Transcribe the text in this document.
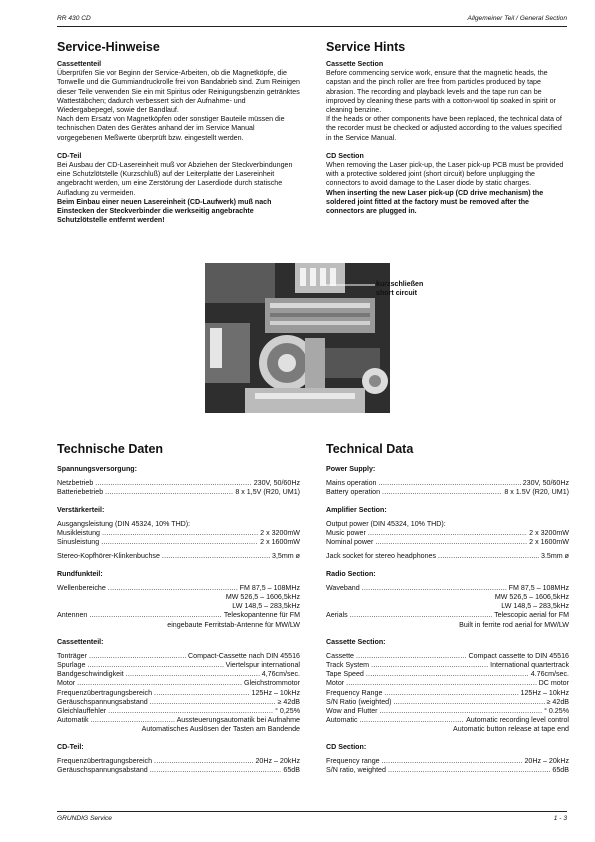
RR 430 CD	Allgemeiner Teil / General Section
Service-Hinweise
Cassettenteil

Überprüfen Sie vor Beginn der Service-Arbeiten, ob die Magnetköpfe, die Tonwelle und die Gummiandruckrolle frei von Bandabrieb sind. Zum Reinigen dieser Teile verwenden Sie ein mit Spiritus oder Reinigungsbenzin getränktes Wattestäbchen; dadurch verbessert sich der Aufnahme- und Wiedergabepegel, sowie der Bandlauf.

Nach dem Ersatz von Magnetköpfen oder sonstiger Bauteile müssen die technischen Daten des Gerätes anhand der im Service Manual vorgegebenen Meßwerte überprüft bzw. eingestellt werden.

CD-Teil

Bei Ausbau der CD-Lasereinheit muß vor Abziehen der Steckverbindungen eine Schutzlötstelle (Kurzschluß) auf der Leiterplatte der Lasereinheit angebracht werden, um eine Zerstörung der Laserdiode durch statische Aufladung zu vermeiden.

Beim Einbau einer neuen Lasereinheit (CD-Laufwerk) muß nach Einstecken der Steckverbinder die werkseitig angebrachte Schutzlötstelle entfernt werden!

Service Hints
Cassette Section

Before commencing service work, ensure that the magnetic heads, the capstan and the pinch roller are free from particles produced by tape abrasion. The recording and playback levels and the tape run can be improved by cleaning these parts with a cotton-wool tip soaked in spirit or cleaning benzine.

If the heads or other components have been replaced, the technical data of the recorder must be checked or adjusted according to the values specified in the Service Manual.

CD Section

When removing the Laser pick-up, the Laser pick-up PCB must be provided with a protective soldered joint (short circuit) before unplugging the connectors to avoid damage to the Laser diode by static charges.

When inserting the new Laser pick-up (CD drive mechanism) the soldered joint fitted at the factory must be removed after the connectors are plugged in.

kurzschließen
short circuit
Technische Daten
Spannungsversorgung:
Netzbetrieb .....	230V, 50/60Hz
Batteriebetrieb .....	8 x 1,5V (R20, UM1)
Verstärkerteil:
Ausgangsleistung (DIN 45324, 10% THD):
Musikleistung .....	2 x 3200mW
Sinusleistung .....	2 x 1600mW
Stereo-Kopfhörer-Klinkenbuchse .....	3,5mm ø
Rundfunkteil:
Wellenbereiche .....	FM 87,5 – 108MHz
MW 526,5 – 1606,5kHz
LW 148,5 – 283,5kHz
Antennen .....	Teleskopantenne für FM
eingebaute Ferritstab-Antenne für MW/LW
Cassettenteil:
Tonträger .....	Compact-Cassette nach DIN 45516
Spurlage .....	Viertelspur international
Bandgeschwindigkeit .....	4,76cm/sec.
Motor .....	Gleichstrommotor
Frequenzübertragungsbereich .....	125Hz – 10kHz
Geräuschspannungsabstand .....	≥ 42dB
Gleichlauffehler .....	° 0,25%
Automatik .....	Aussteuerungsautomatik bei Aufnahme
Automatisches Auslösen der Tasten am Bandende
CD-Teil:
Frequenzübertragungsbereich .....	20Hz – 20kHz
Geräuschspannungsabstand .....	65dB
Technical Data
Power Supply:
Mains operation .....	230V, 50/60Hz
Battery operation .....	8 x 1.5V (R20, UM1)
Amplifier Section:
Output power (DIN 45324, 10% THD):
Music power .....	2 x 3200mW
Nominal power .....	2 x 1600mW
Jack socket for stereo headphones .....	3.5mm ø
Radio Section:
Waveband .....	FM 87,5 – 108MHz
MW 526,5 – 1606,5kHz
LW 148,5 – 283,5kHz
Aerials .....	Telescopic aerial for FM
Built in ferrite rod aerial for MW/LW
Cassette Section:
Cassette .....	Compact cassette to DIN 45516
Track System .....	International quartertrack
Tape Speed .....	4.76cm/sec.
Motor .....	DC motor
Frequency Range .....	125Hz – 10kHz
S/N Ratio (weighted) .....	≥ 42dB
Wow and Flutter .....	° 0.25%
Automatic .....	Automatic recording level control
Automatic button release at tape end
CD Section:
Frequency range .....	20Hz – 20kHz
S/N ratio, weighted .....	65dB
GRUNDIG Service	1 - 3
